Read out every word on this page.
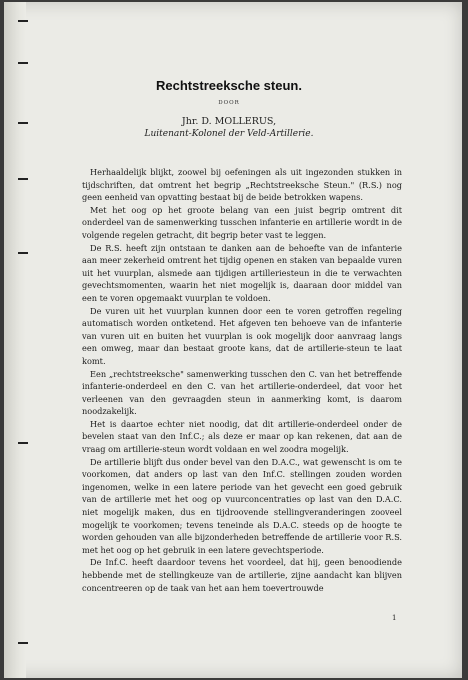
Rechtstreeksche steun.
DOOR
Jhr. D. MOLLERUS,
Luitenant-Kolonel der Veld-Artillerie.

Herhaaldelijk blijkt, zoowel bij oefeningen als uit ingezonden stukken in tijdschriften, dat omtrent het begrip „Rechtstreeksche Steun." (R.S.) nog geen eenheid van opvatting bestaat bij de beide betrokken wapens.

Met het oog op het groote belang van een juist begrip omtrent dit onderdeel van de samenwerking tusschen infanterie en artillerie wordt in de volgende regelen getracht, dit begrip beter vast te leggen.

De R.S. heeft zijn ontstaan te danken aan de behoefte van de infanterie aan meer zekerheid omtrent het tijdig openen en staken van bepaalde vuren uit het vuurplan, alsmede aan tijdigen artilleriesteun in die te verwachten gevechtsmomenten, waarin het niet mogelijk is, daaraan door middel van een te voren opgemaakt vuurplan te voldoen.

De vuren uit het vuurplan kunnen door een te voren getroffen regeling automatisch worden ontketend. Het afgeven ten behoeve van de infanterie van vuren uit en buiten het vuurplan is ook mogelijk door aanvraag langs een omweg, maar dan bestaat groote kans, dat de artillerie-steun te laat komt.

Een „rechtstreeksche" samenwerking tusschen den C. van het betreffende infanterie-onderdeel en den C. van het artillerie-onderdeel, dat voor het verleenen van den gevraagden steun in aanmerking komt, is daarom noodzakelijk.

Het is daartoe echter niet noodig, dat dit artillerie-onderdeel onder de bevelen staat van den Inf.C.; als deze er maar op kan rekenen, dat aan de vraag om artillerie-steun wordt voldaan en wel zoodra mogelijk.

De artillerie blijft dus onder bevel van den D.A.C., wat gewenscht is om te voorkomen, dat anders op last van den Inf.C. stellingen zouden worden ingenomen, welke in een latere periode van het gevecht een goed gebruik van de artillerie met het oog op vuurconcentraties op last van den D.A.C. niet mogelijk maken, dus en tijdroovende stellingveranderingen zooveel mogelijk te voorkomen; tevens teneinde als D.A.C. steeds op de hoogte te worden gehouden van alle bijzonderheden betreffende de artillerie voor R.S. met het oog op het gebruik in een latere gevechtsperiode.

De Inf.C. heeft daardoor tevens het voordeel, dat hij, geen benoodiende hebbende met de stellingkeuze van de artillerie, zijne aandacht kan blijven concentreeren op de taak van het aan hem toevertrouwde

1
